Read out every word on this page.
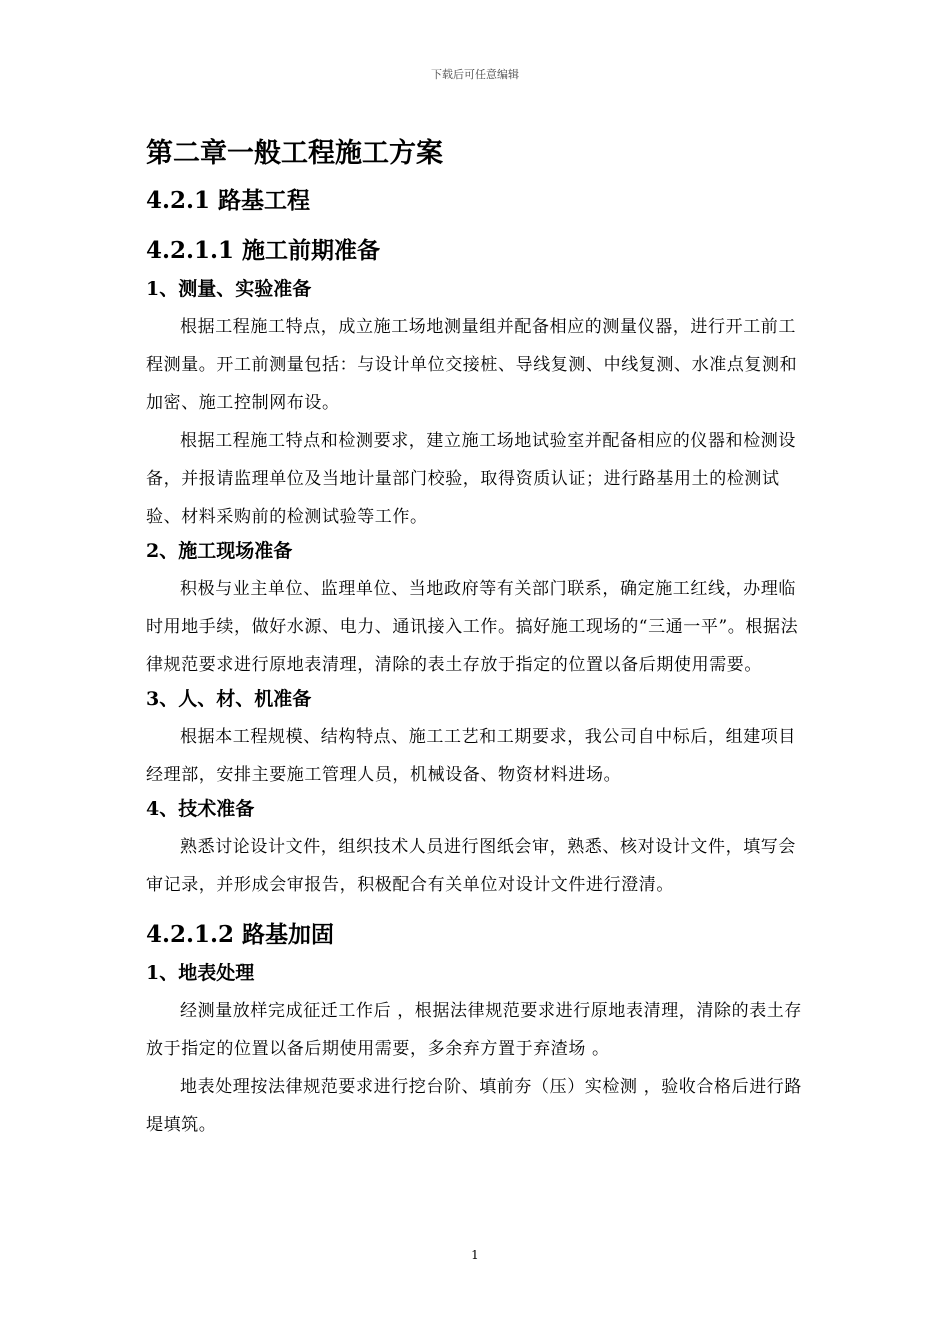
下载后可任意编辑
第二章一般工程施工方案
4.2.1 路基工程
4.2.1.1 施工前期准备
1、测量、实验准备

根据工程施工特点，成立施工场地测量组并配备相应的测量仪器，进行开工前工程测量。开工前测量包括：与设计单位交接桩、导线复测、中线复测、水准点复测和加密、施工控制网布设。

根据工程施工特点和检测要求，建立施工场地试验室并配备相应的仪器和检测设备，并报请监理单位及当地计量部门校验，取得资质认证；进行路基用土的检测试验、材料采购前的检测试验等工作。

2、施工现场准备

积极与业主单位、监理单位、当地政府等有关部门联系，确定施工红线，办理临时用地手续，做好水源、电力、通讯接入工作。搞好施工现场的“三通一平”。根据法律规范要求进行原地表清理，清除的表土存放于指定的位置以备后期使用需要。

3、人、材、机准备

根据本工程规模、结构特点、施工工艺和工期要求，我公司自中标后，组建项目经理部，安排主要施工管理人员，机械设备、物资材料进场。

4、技术准备

熟悉讨论设计文件，组织技术人员进行图纸会审，熟悉、核对设计文件，填写会审记录，并形成会审报告，积极配合有关单位对设计文件进行澄清。

4.2.1.2 路基加固
1、地表处理

经测量放样完成征迁工作后 ，根据法律规范要求进行原地表清理，清除的表土存放于指定的位置以备后期使用需要，多余弃方置于弃渣场 。

地表处理按法律规范要求进行挖台阶、填前夯（压）实检测 ，验收合格后进行路堤填筑。

1
